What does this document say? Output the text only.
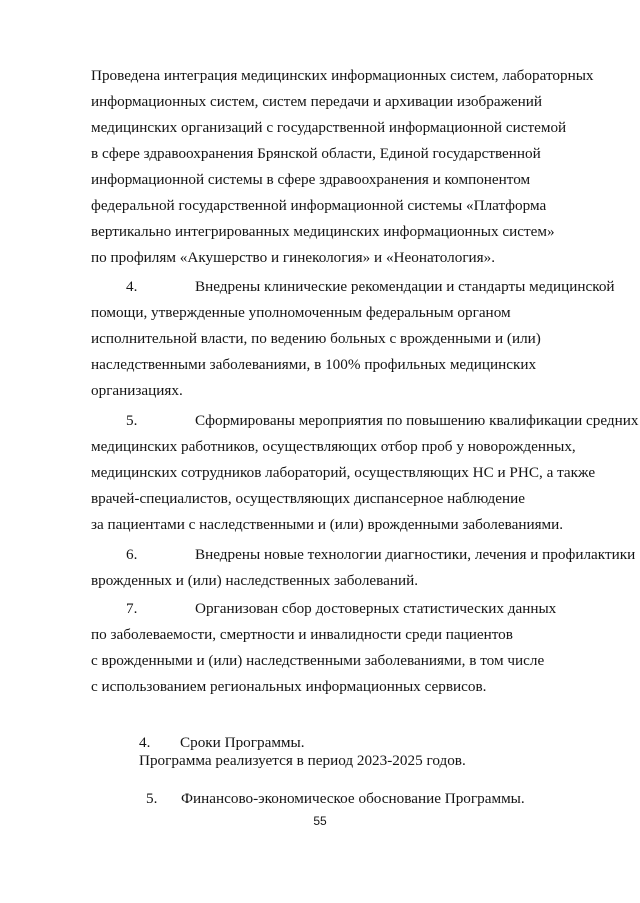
Проведена интеграция медицинских информационных систем, лабораторных
информационных систем, систем передачи и архивации изображений
медицинских организаций с государственной информационной системой
в сфере здравоохранения Брянской области, Единой государственной
информационной системы в сфере здравоохранения и компонентом
федеральной государственной информационной системы «Платформа
вертикально интегрированных медицинских информационных систем»
по профилям «Акушерство и гинекология» и «Неонатология».
4.	Внедрены клинические рекомендации и стандарты медицинской
помощи, утвержденные уполномоченным федеральным органом
исполнительной власти, по ведению больных с врожденными и (или)
наследственными заболеваниями, в 100% профильных медицинских
организациях.
5.	Сформированы мероприятия по повышению квалификации средних
медицинских работников, осуществляющих отбор проб у новорожденных,
медицинских сотрудников лабораторий, осуществляющих НС и РНС, а также
врачей-специалистов, осуществляющих диспансерное наблюдение
за пациентами с наследственными и (или) врожденными заболеваниями.
6.	Внедрены новые технологии диагностики, лечения и профилактики
врожденных и (или) наследственных заболеваний.
7.	Организован сбор достоверных статистических данных
по заболеваемости, смертности и инвалидности среди пациентов
с врожденными и (или) наследственными заболеваниями, в том числе
с использованием региональных информационных сервисов.
4. Сроки Программы.
Программа реализуется в период 2023-2025 годов.
5. Финансово-экономическое обоснование Программы.
55
